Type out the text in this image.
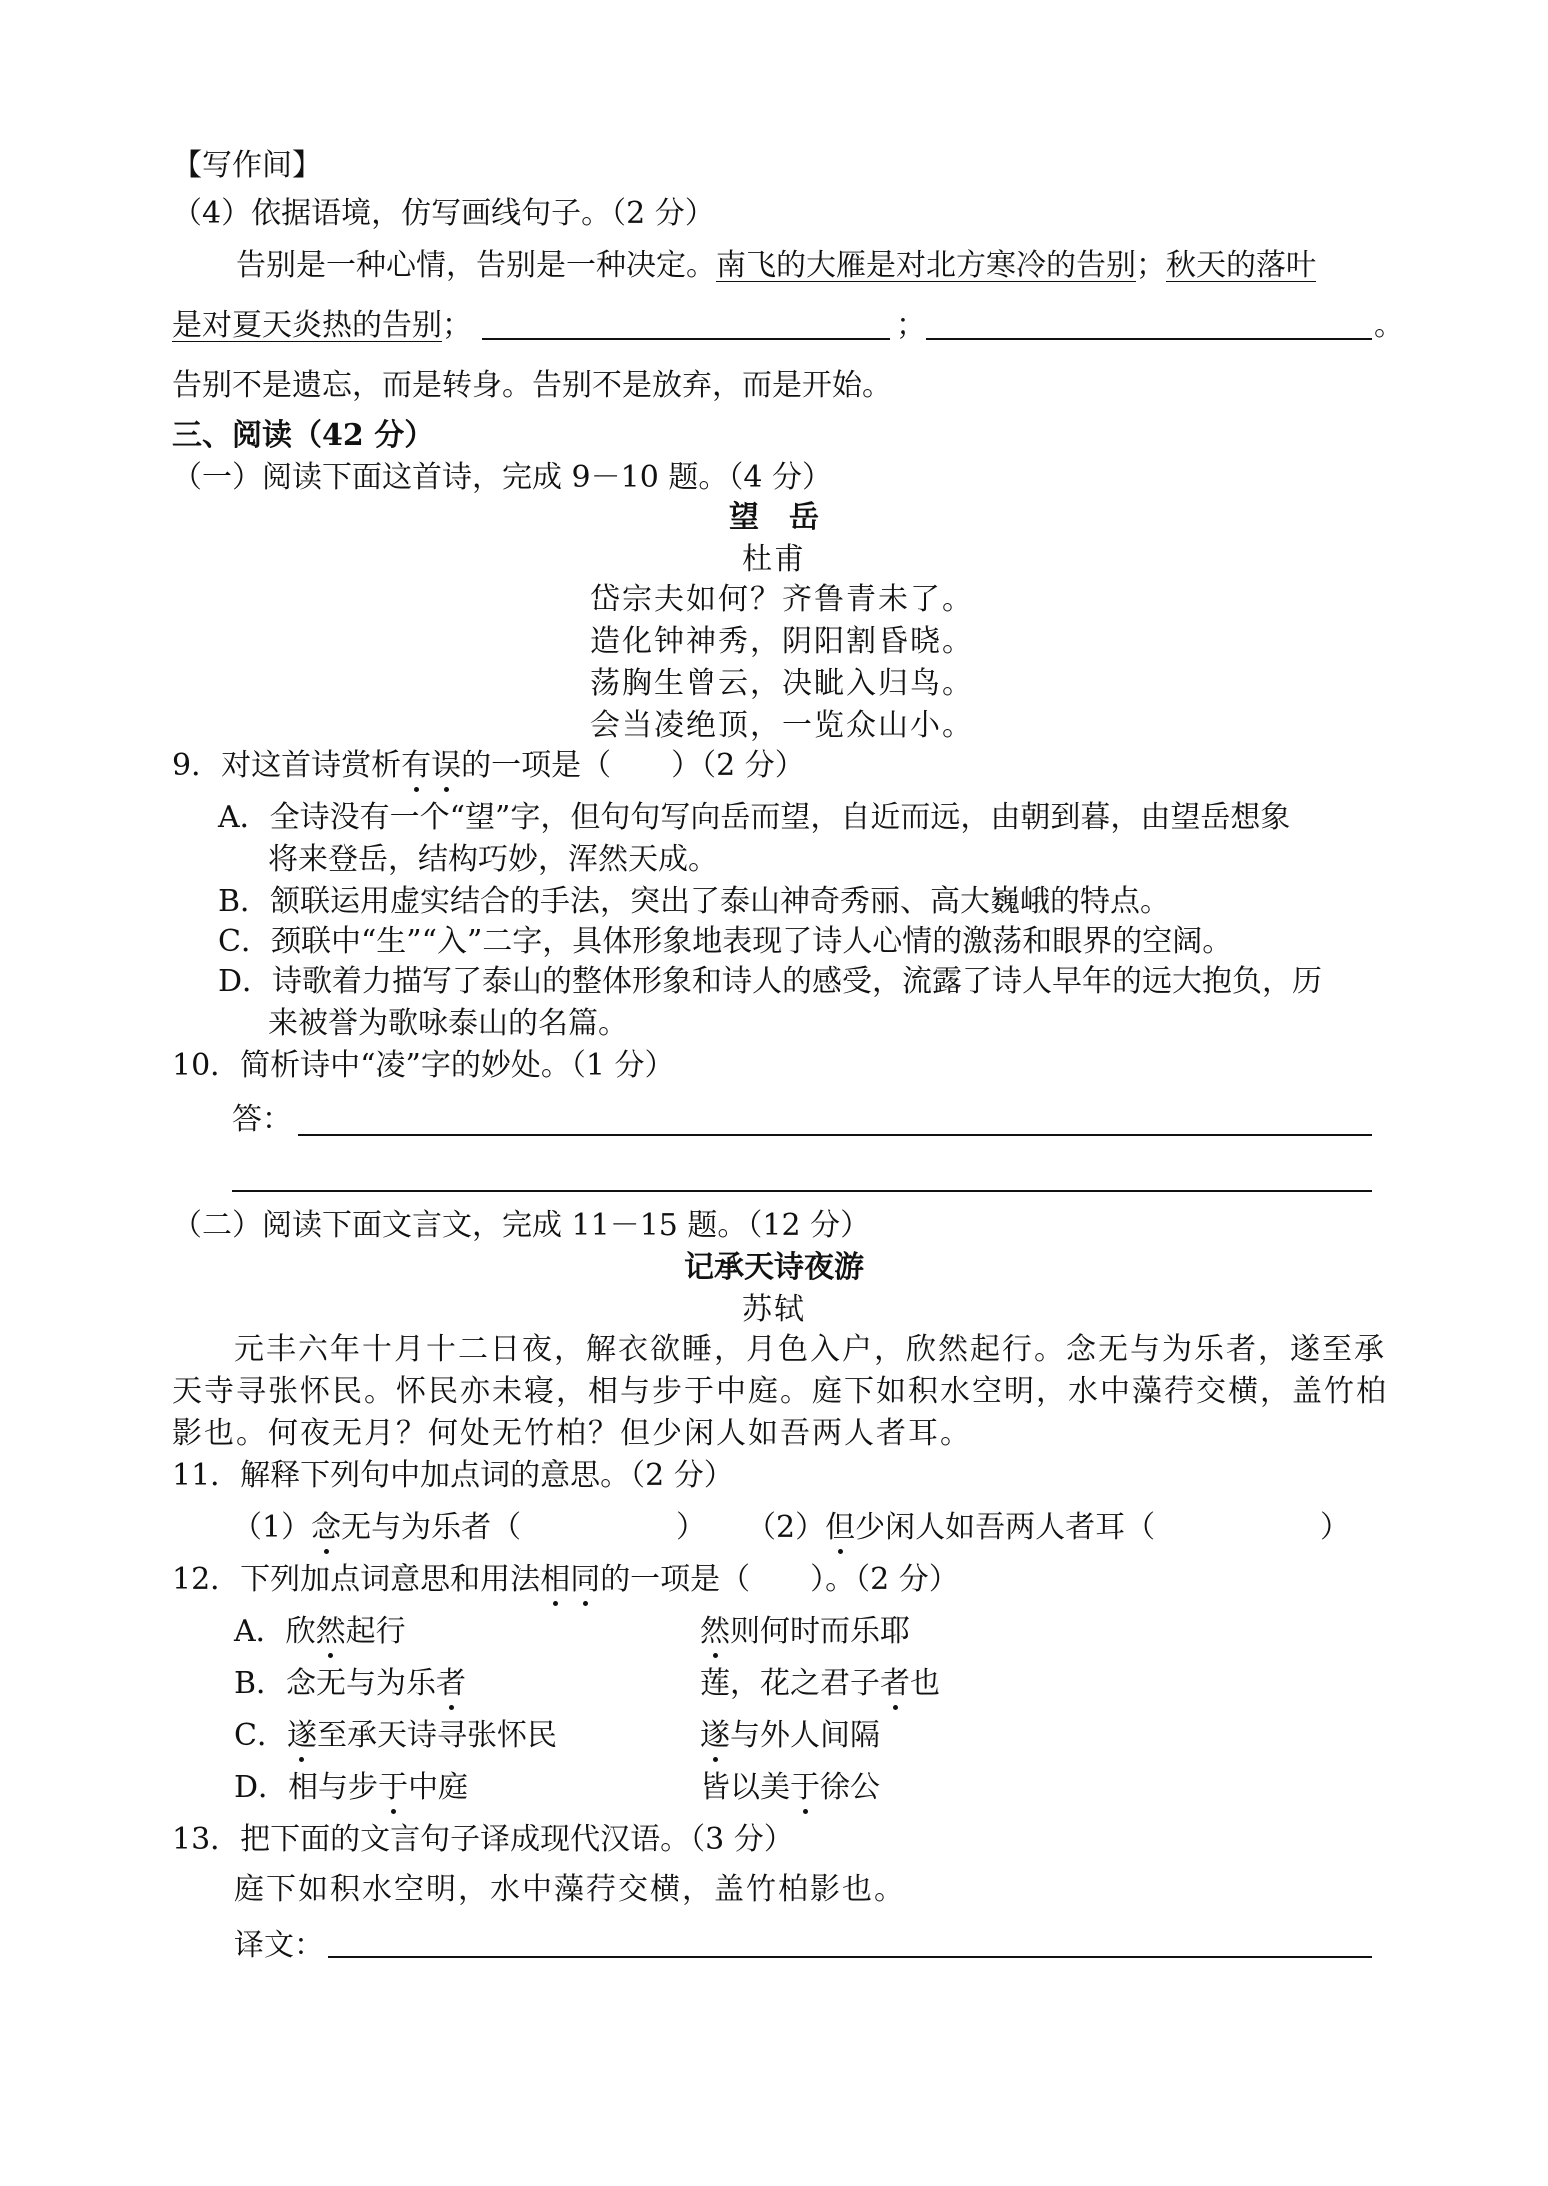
【写作间】
（4）依据语境，仿写画线句子。（2 分）
告别是一种心情，告别是一种决定。南飞的大雁是对北方寒冷的告别；秋天的落叶
是对夏天炎热的告别；	；	。
告别不是遗忘，而是转身。告别不是放弃，而是开始。
三、阅读（42 分）
（一）阅读下面这首诗，完成 9－10 题。（4 分）
望　岳
杜甫
岱宗夫如何？齐鲁青未了。
造化钟神秀，阴阳割昏晓。
荡胸生曾云，决眦入归鸟。
会当凌绝顶，一览众山小。
9．对这首诗赏析有误的一项是（　　）（2 分）
A．全诗没有一个“望”字，但句句写向岳而望，自近而远，由朝到暮，由望岳想象
将来登岳，结构巧妙，浑然天成。
B．颔联运用虚实结合的手法，突出了泰山神奇秀丽、高大巍峨的特点。
C．颈联中“生”“入”二字，具体形象地表现了诗人心情的激荡和眼界的空阔。
D．诗歌着力描写了泰山的整体形象和诗人的感受，流露了诗人早年的远大抱负，历
来被誉为歌咏泰山的名篇。
10．简析诗中“凌”字的妙处。（1 分）
答：
（二）阅读下面文言文，完成 11－15 题。（12 分）
记承天诗夜游
苏轼
元丰六年十月十二日夜，解衣欲睡，月色入户，欣然起行。念无与为乐者，遂至承
天寺寻张怀民。怀民亦未寝，相与步于中庭。庭下如积水空明，水中藻荇交横，盖竹柏
影也。何夜无月？何处无竹柏？但少闲人如吾两人者耳。
11．解释下列句中加点词的意思。（2 分）
（1）念无与为乐者（	） （2）但少闲人如吾两人者耳（	）
12．下列加点词意思和用法相同的一项是（　　）。（2 分）
A．欣然起行	然则何时而乐耶
B．念无与为乐者	莲，花之君子者也
C．遂至承天诗寻张怀民	遂与外人间隔
D．相与步于中庭	皆以美于徐公
13．把下面的文言句子译成现代汉语。（3 分）
庭下如积水空明，水中藻荇交横，盖竹柏影也。
译文：
